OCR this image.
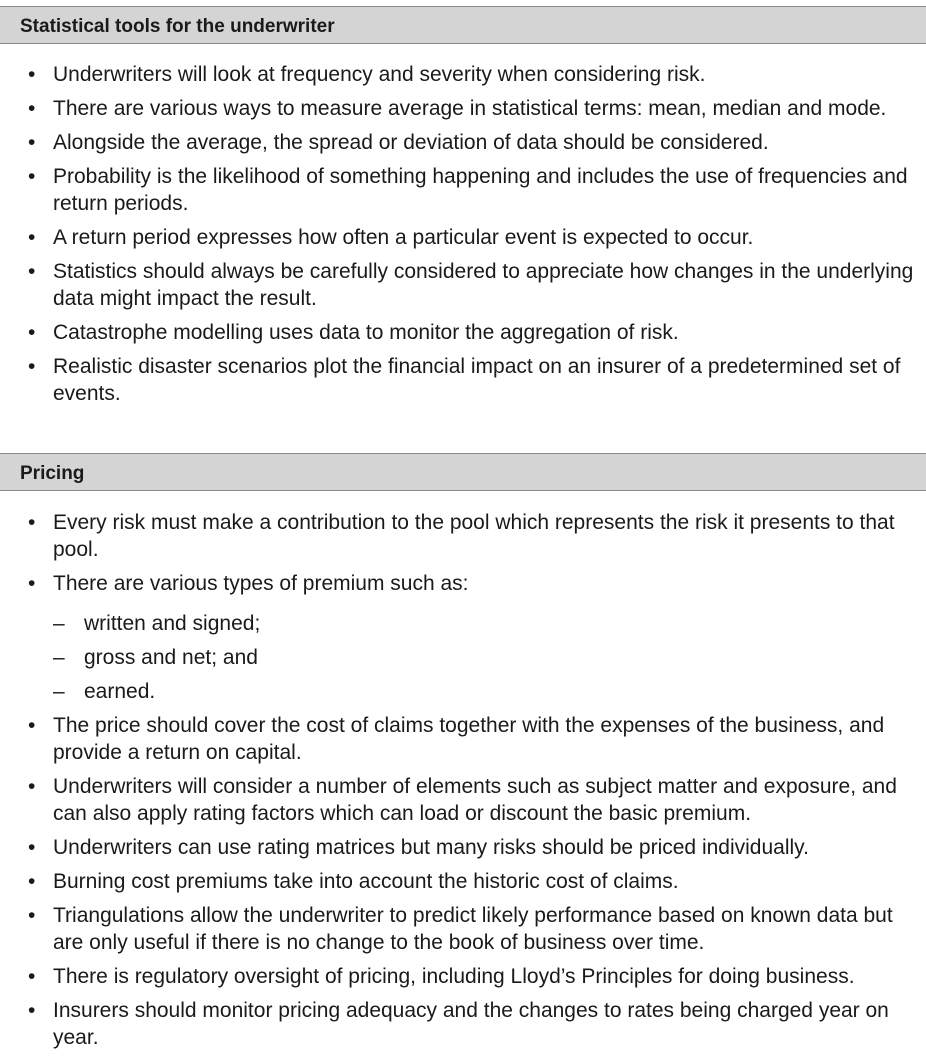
Statistical tools for the underwriter
• Underwriters will look at frequency and severity when considering risk.
• There are various ways to measure average in statistical terms: mean, median and mode.
• Alongside the average, the spread or deviation of data should be considered.
• Probability is the likelihood of something happening and includes the use of frequencies and return periods.
• A return period expresses how often a particular event is expected to occur.
• Statistics should always be carefully considered to appreciate how changes in the underlying data might impact the result.
• Catastrophe modelling uses data to monitor the aggregation of risk.
• Realistic disaster scenarios plot the financial impact on an insurer of a predetermined set of events.
Pricing
• Every risk must make a contribution to the pool which represents the risk it presents to that pool.
• There are various types of premium such as:
– written and signed;
– gross and net; and
– earned.
• The price should cover the cost of claims together with the expenses of the business, and provide a return on capital.
• Underwriters will consider a number of elements such as subject matter and exposure, and can also apply rating factors which can load or discount the basic premium.
• Underwriters can use rating matrices but many risks should be priced individually.
• Burning cost premiums take into account the historic cost of claims.
• Triangulations allow the underwriter to predict likely performance based on known data but are only useful if there is no change to the book of business over time.
• There is regulatory oversight of pricing, including Lloyd’s Principles for doing business.
• Insurers should monitor pricing adequacy and the changes to rates being charged year on year.
